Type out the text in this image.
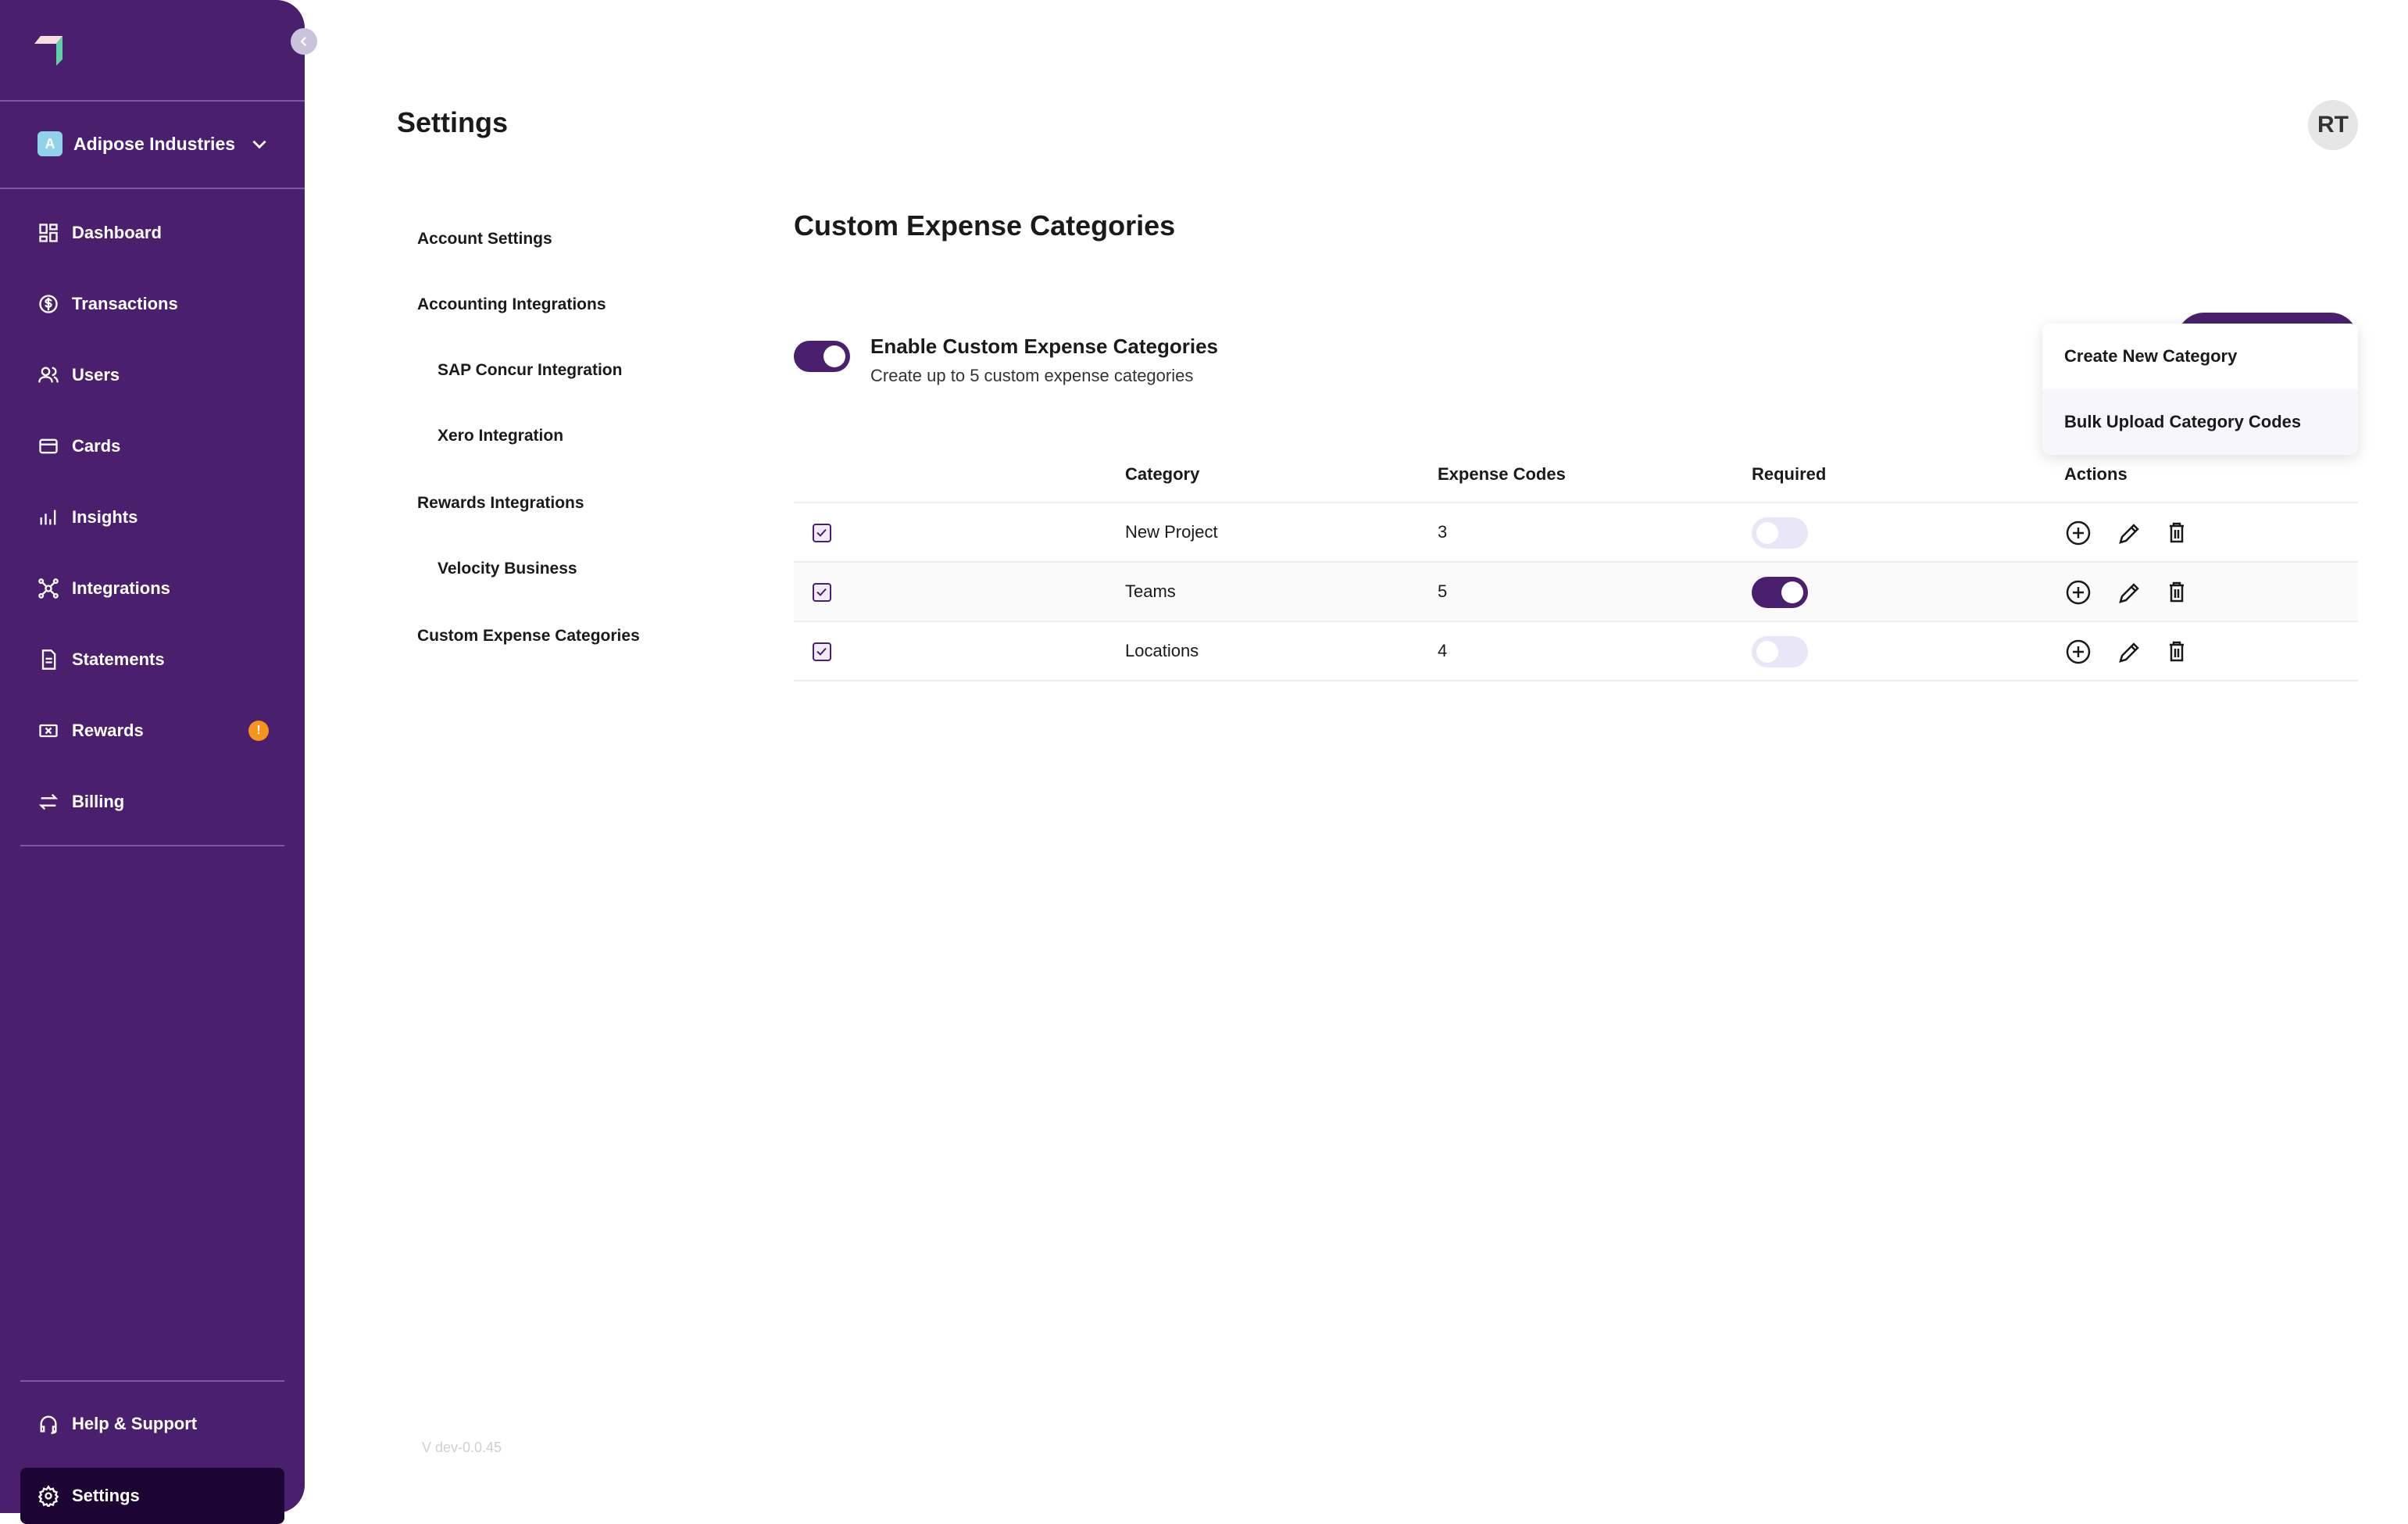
A	Adipose Industries
Dashboard
Transactions
Users
Cards
Insights
Integrations
Statements
Rewards	!
Billing
Help & Support
Settings
Settings	RT
Account Settings
Accounting Integrations
SAP Concur Integration
Xero Integration
Rewards Integrations
Velocity Business
Custom Expense Categories
V dev-0.0.45
Custom Expense Categories
Enable Custom Expense Categories
Create up to 5 custom expense categories
Category	Expense Codes	Required	Actions
New Project	3
Teams	5
Locations	4
Create New Category
Bulk Upload Category Codes
